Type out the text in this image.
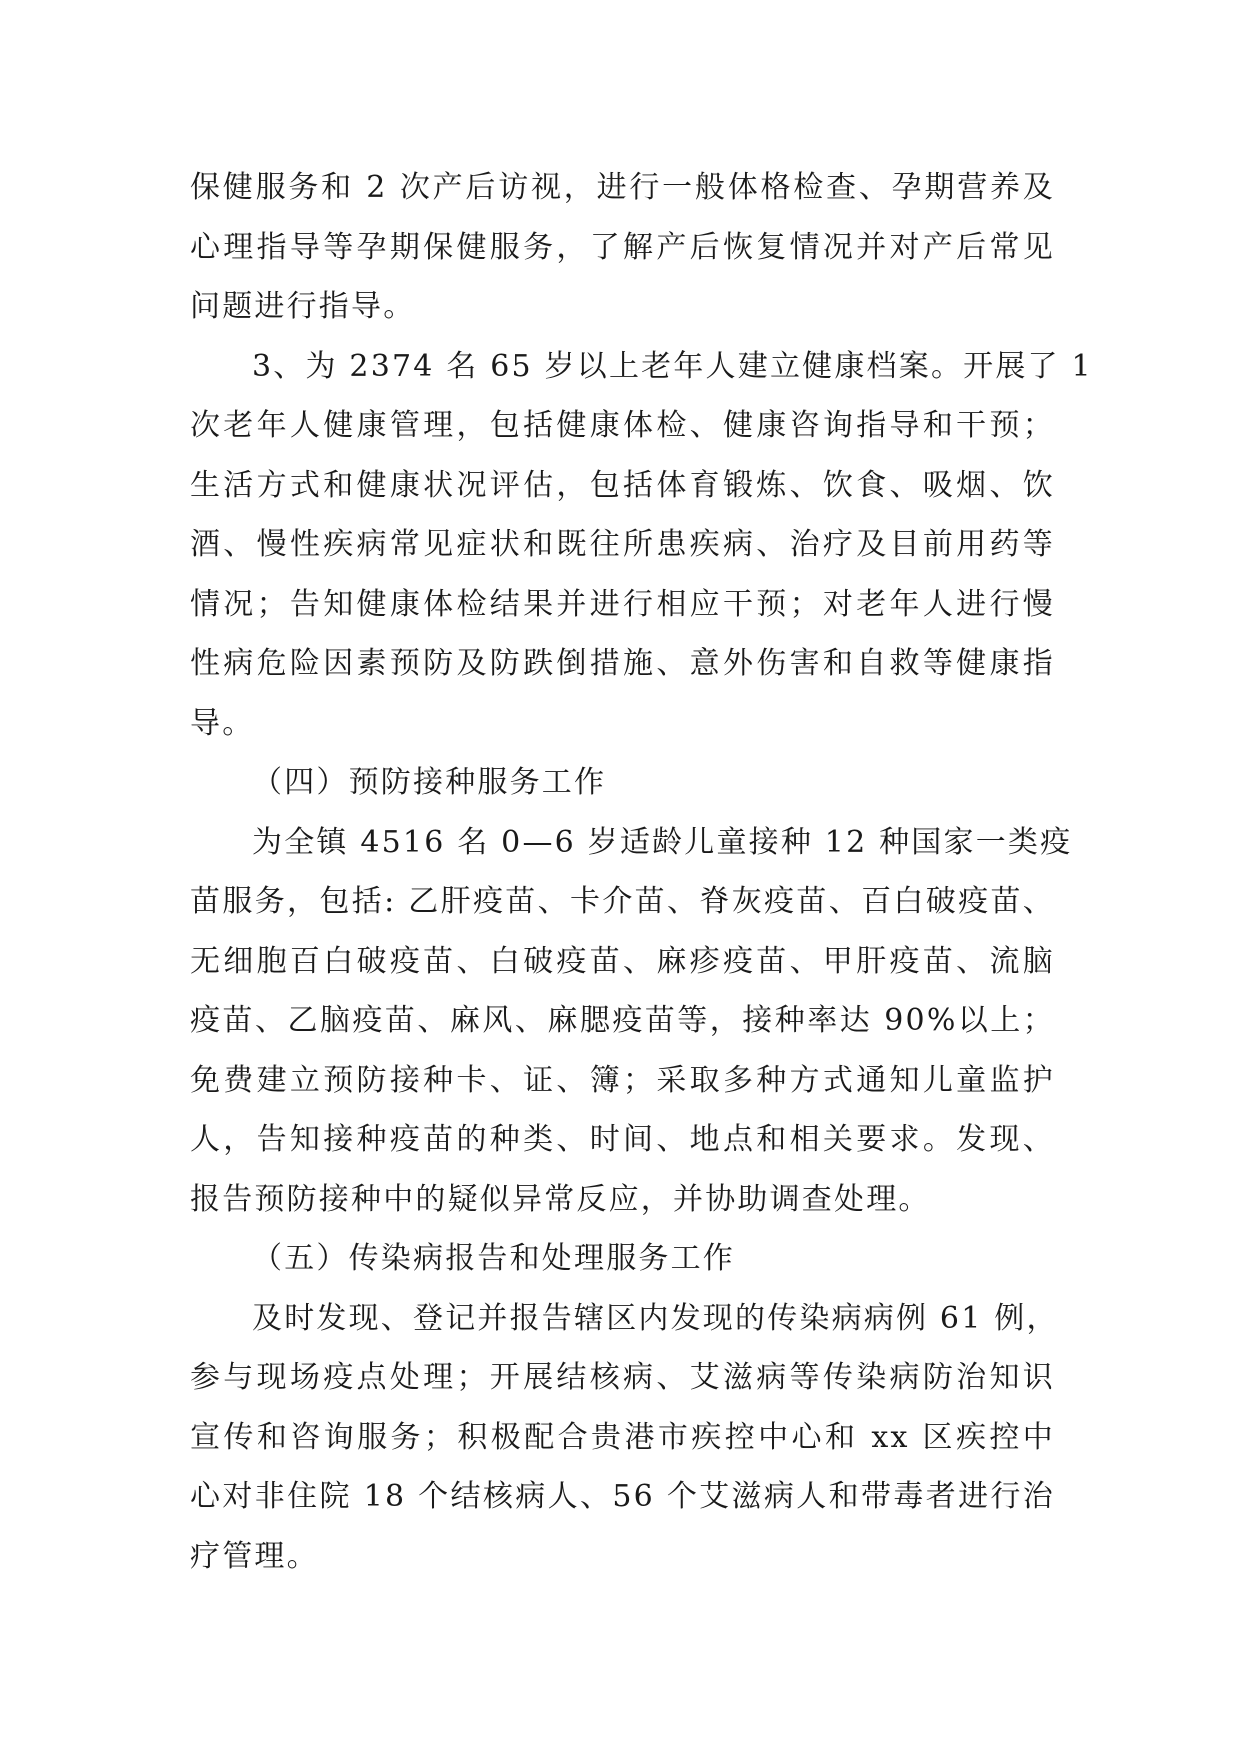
保健服务和 2 次产后访视，进行一般体格检查、孕期营养及
心理指导等孕期保健服务，了解产后恢复情况并对产后常见
问题进行指导。
3、为 2374 名 65 岁以上老年人建立健康档案。开展了 1
次老年人健康管理，包括健康体检、健康咨询指导和干预；
生活方式和健康状况评估，包括体育锻炼、饮食、吸烟、饮
酒、慢性疾病常见症状和既往所患疾病、治疗及目前用药等
情况；告知健康体检结果并进行相应干预；对老年人进行慢
性病危险因素预防及防跌倒措施、意外伤害和自救等健康指
导。
（四）预防接种服务工作
为全镇 4516 名 0—6 岁适龄儿童接种 12 种国家一类疫
苗服务，包括: 乙肝疫苗、卡介苗、脊灰疫苗、百白破疫苗、
无细胞百白破疫苗、白破疫苗、麻疹疫苗、甲肝疫苗、流脑
疫苗、乙脑疫苗、麻风、麻腮疫苗等，接种率达 90%以上；
免费建立预防接种卡、证、簿；采取多种方式通知儿童监护
人，告知接种疫苗的种类、时间、地点和相关要求。发现、
报告预防接种中的疑似异常反应，并协助调查处理。
（五）传染病报告和处理服务工作
及时发现、登记并报告辖区内发现的传染病病例 61 例，
参与现场疫点处理；开展结核病、艾滋病等传染病防治知识
宣传和咨询服务；积极配合贵港市疾控中心和 xx 区疾控中
心对非住院 18 个结核病人、56 个艾滋病人和带毒者进行治
疗管理。
